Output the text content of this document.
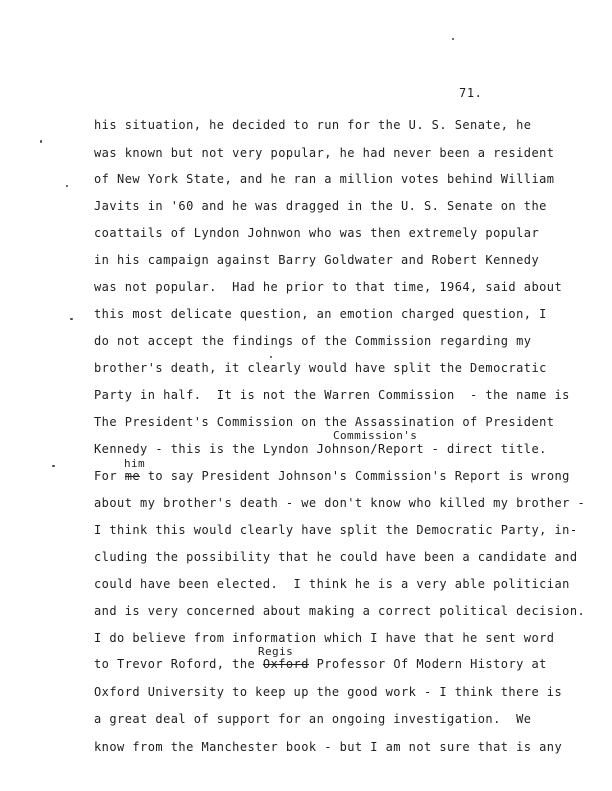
71.
his situation, he decided to run for the U. S. Senate, he
was known but not very popular, he had never been a resident
of New York State, and he ran a million votes behind William
Javits in '60 and he was dragged in the U. S. Senate on the
coattails of Lyndon Johnwon who was then extremely popular
in his campaign against Barry Goldwater and Robert Kennedy
was not popular.  Had he prior to that time, 1964, said about
this most delicate question, an emotion charged question, I
do not accept the findings of the Commission regarding my
brother's death, it clearly would have split the Democratic
Party in half.  It is not the Warren Commission  - the name is
The President's Commission on the Assassination of President
Commission's
Kennedy - this is the Lyndon Johnson/Report - direct title.
him
For me to say President Johnson's Commission's Report is wrong
about my brother's death - we don't know who killed my brother -
I think this would clearly have split the Democratic Party, in-
cluding the possibility that he could have been a candidate and
could have been elected.  I think he is a very able politician
and is very concerned about making a correct political decision.
I do believe from information which I have that he sent word
Regis
to Trevor Roford, the Oxford Professor Of Modern History at
Oxford University to keep up the good work - I think there is
a great deal of support for an ongoing investigation.  We
know from the Manchester book - but I am not sure that is any
